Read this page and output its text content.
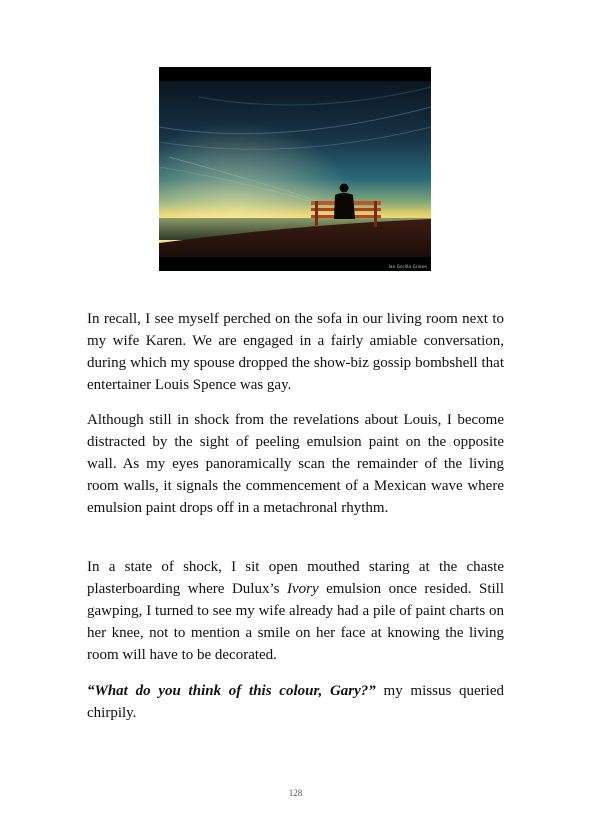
Ian Gorilla Grieve

In recall, I see myself perched on the sofa in our living room next to my wife Karen. We are engaged in a fairly amiable conversation, during which my spouse dropped the show-biz gossip bombshell that entertainer Louis Spence was gay.

Although still in shock from the revelations about Louis, I become distracted by the sight of peeling emulsion paint on the opposite wall. As my eyes panoramically scan the remainder of the living room walls, it signals the commencement of a Mexican wave where emulsion paint drops off in a metachronal rhythm.

In a state of shock, I sit open mouthed staring at the chaste plasterboarding where Dulux’s Ivory emulsion once resided. Still gawping, I turned to see my wife already had a pile of paint charts on her knee, not to mention a smile on her face at knowing the living room will have to be decorated.

“What do you think of this colour, Gary?” my missus queried chirpily.

128
